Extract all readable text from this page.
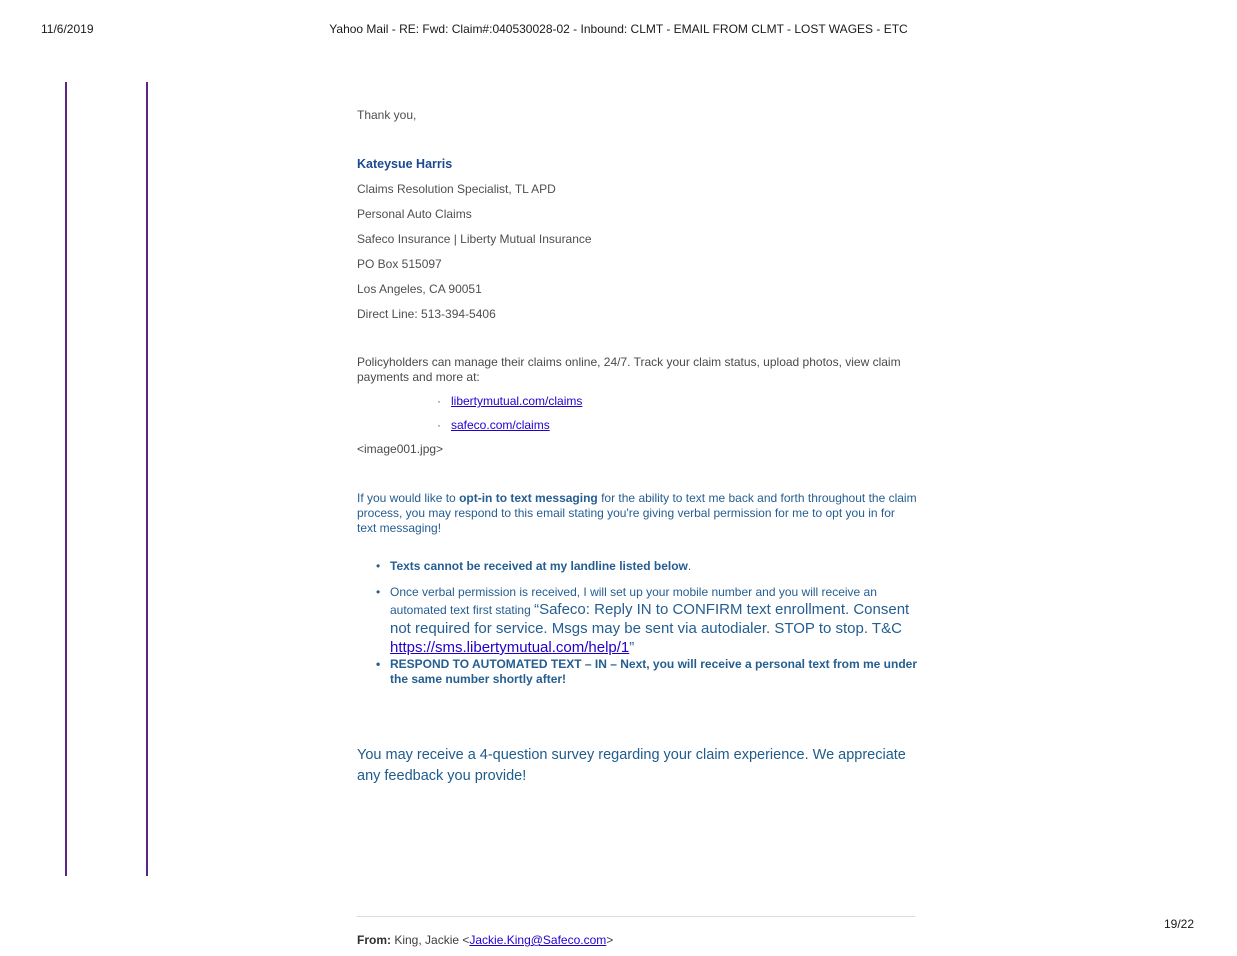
11/6/2019	Yahoo Mail - RE: Fwd: Claim#:040530028-02 - Inbound: CLMT - EMAIL FROM CLMT - LOST WAGES - ETC

Thank you,

Kateysue Harris

Claims Resolution Specialist, TL APD

Personal Auto Claims

Safeco Insurance | Liberty Mutual Insurance

PO Box 515097

Los Angeles, CA 90051

Direct Line: 513-394-5406

Policyholders can manage their claims online, 24/7. Track your claim status, upload photos, view claim payments and more at:

· libertymutual.com/claims
· safeco.com/claims

<image001.jpg>

If you would like to opt-in to text messaging for the ability to text me back and forth throughout the claim process, you may respond to this email stating you're giving verbal permission for me to opt you in for text messaging!

• Texts cannot be received at my landline listed below.
• Once verbal permission is received, I will set up your mobile number and you will receive an automated text first stating “Safeco: Reply IN to CONFIRM text enrollment. Consent not required for service. Msgs may be sent via autodialer. STOP to stop. T&C https://sms.libertymutual.com/help/1”
• RESPOND TO AUTOMATED TEXT – IN – Next, you will receive a personal text from me under the same number shortly after!

You may receive a 4-question survey regarding your claim experience. We appreciate any feedback you provide!

From: King, Jackie <Jackie.King@Safeco.com>

19/22
